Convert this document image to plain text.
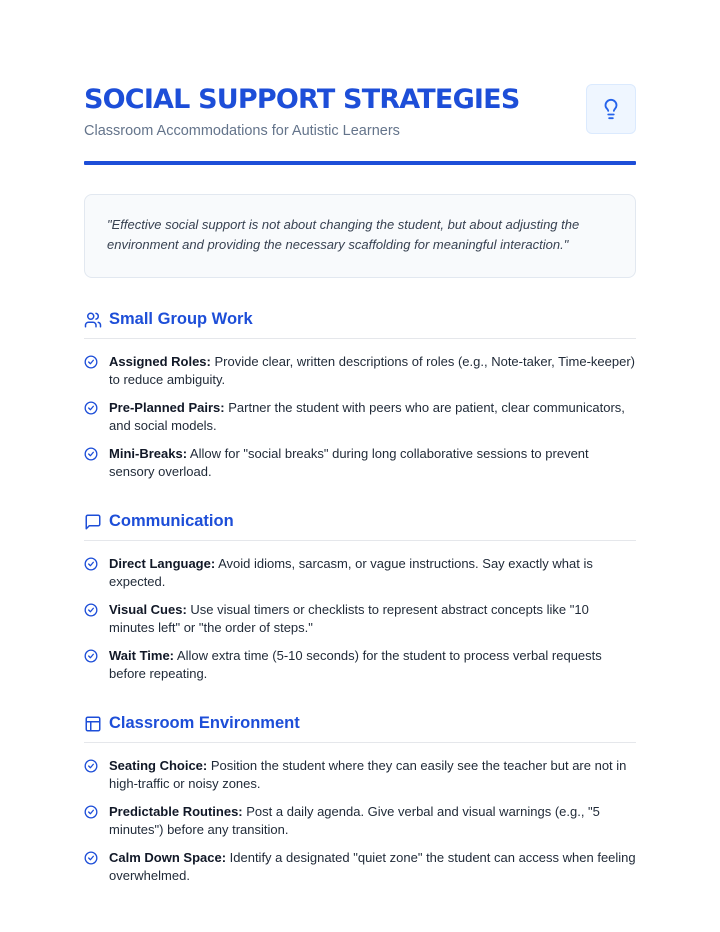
SOCIAL SUPPORT STRATEGIES
Classroom Accommodations for Autistic Learners

"Effective social support is not about changing the student, but about adjusting the environment and providing the necessary scaffolding for meaningful interaction."

Small Group Work
Assigned Roles: Provide clear, written descriptions of roles (e.g., Note-taker, Time-keeper) to reduce ambiguity.
Pre-Planned Pairs: Partner the student with peers who are patient, clear communicators, and social models.
Mini-Breaks: Allow for "social breaks" during long collaborative sessions to prevent sensory overload.
Communication
Direct Language: Avoid idioms, sarcasm, or vague instructions. Say exactly what is expected.
Visual Cues: Use visual timers or checklists to represent abstract concepts like "10 minutes left" or "the order of steps."
Wait Time: Allow extra time (5-10 seconds) for the student to process verbal requests before repeating.
Classroom Environment
Seating Choice: Position the student where they can easily see the teacher but are not in high-traffic or noisy zones.
Predictable Routines: Post a daily agenda. Give verbal and visual warnings (e.g., "5 minutes") before any transition.
Calm Down Space: Identify a designated "quiet zone" the student can access when feeling overwhelmed.
